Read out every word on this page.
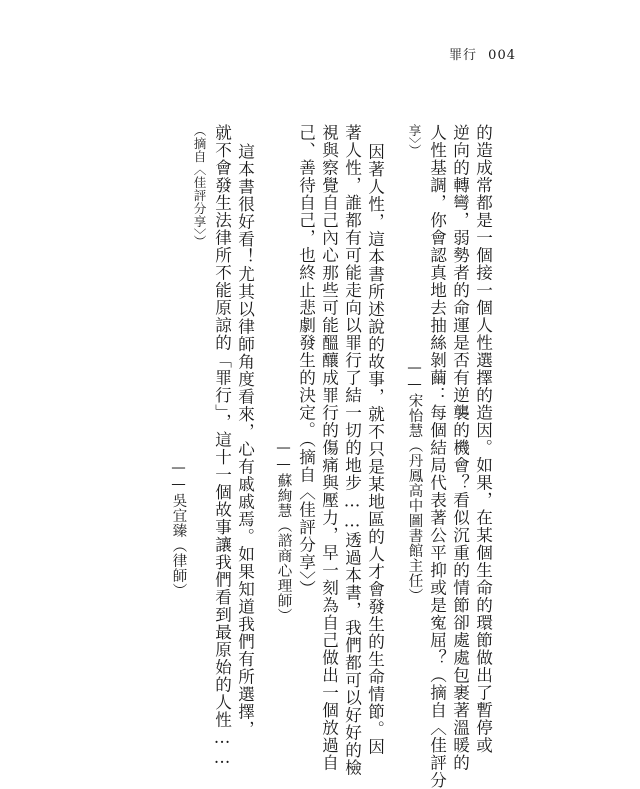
罪行 004
的造成常都是一個接一個人性選擇的造因。如果，在某個生命的環節做出了暫停或
逆向的轉彎，弱勢者的命運是否有逆襲的機會？看似沉重的情節卻處處包裹著溫暖的
人性基調，你會認真地去抽絲剝繭：每個結局代表著公平抑或是寃屈？（摘自〈佳評分
享〉）
——宋怡慧（丹鳳高中圖書館主任）
因著人性，這本書所述說的故事，就不只是某地區的人才會發生的生命情節。因
著人性，誰都有可能走向以罪行了結一切的地步……透過本書，我們都可以好好的檢
視與察覺自己內心那些可能醞釀成罪行的傷痛與壓力，早一刻為自己做出一個放過自
己、善待自己，也終止悲劇發生的決定。（摘自〈佳評分享〉）
——蘇絢慧（諮商心理師）
這本書很好看！尤其以律師角度看來，心有戚戚焉。如果知道我們有所選擇，
就不會發生法律所不能原諒的「罪行」，這十一個故事讓我們看到最原始的人性……
（摘自〈佳評分享〉）
——吳宜臻（律師）
